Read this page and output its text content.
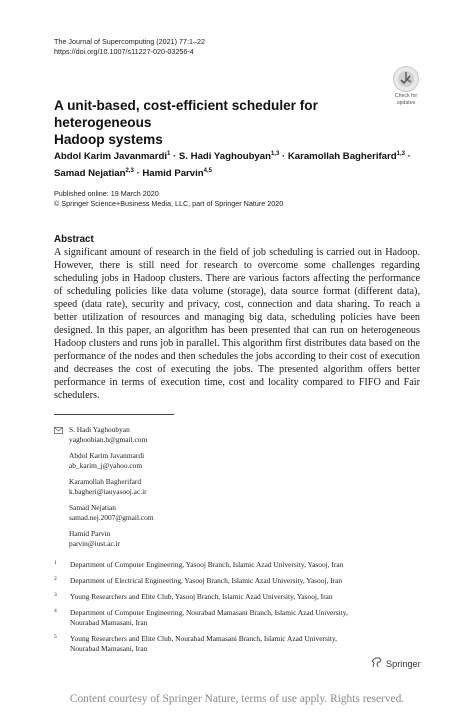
The Journal of Supercomputing (2021) 77:1–22
https://doi.org/10.1007/s11227-020-03256-4
Check for
updates
A unit-based, cost-efficient scheduler for heterogeneous
Hadoop systems
Abdol Karim Javanmardi$^1$ · S. Hadi Yaghoubyan$^{1,3}$ · Karamollah Bagherifard$^{1,3}$ ·
Samad Nejatian$^{2,3}$ · Hamid Parvin$^{4,5}$
Published online: 19 March 2020
© Springer Science+Business Media, LLC, part of Springer Nature 2020
Abstract

A significant amount of research in the field of job scheduling is carried out in Hadoop. However, there is still need for research to overcome some challenges regarding scheduling jobs in Hadoop clusters. There are various factors affecting the performance of scheduling policies like data volume (storage), data source format (different data), speed (data rate), security and privacy, cost, connection and data sharing. To reach a better utilization of resources and managing big data, scheduling policies have been designed. In this paper, an algorithm has been presented that can run on heterogeneous Hadoop clusters and runs job in parallel. This algorithm first distributes data based on the performance of the nodes and then schedules the jobs according to their cost of execution and decreases the cost of executing the jobs. The presented algorithm offers better performance in terms of execution time, cost and locality compared to FIFO and Fair schedulers.

S. Hadi Yaghoubyan
yaghoobian.h@gmail.com
Abdol Karim Javanmardi
ab_karim_j@yahoo.com
Karamollah Bagherifard
k.bagheri@iauyasooj.ac.ir
Samad Nejatian
samad.nej.2007@gmail.com
Hamid Parvin
parvin@iust.ac.ir
1 Department of Computer Engineering, Yasooj Branch, Islamic Azad University, Yasooj, Iran
2 Department of Electrical Engineering, Yasooj Branch, Islamic Azad University, Yasooj, Iran
3 Young Researchers and Elite Club, Yasooj Branch, Islamic Azad University, Yasooj, Iran
4 Department of Computer Engineering, Nourabad Mamasani Branch, Islamic Azad University,
Nourabad Mamasani, Iran
5 Young Researchers and Elite Club, Nourabad Mamasani Branch, Islamic Azad University,
Nourabad Mamasani, Iran
Springer
Content courtesy of Springer Nature, terms of use apply. Rights reserved.
